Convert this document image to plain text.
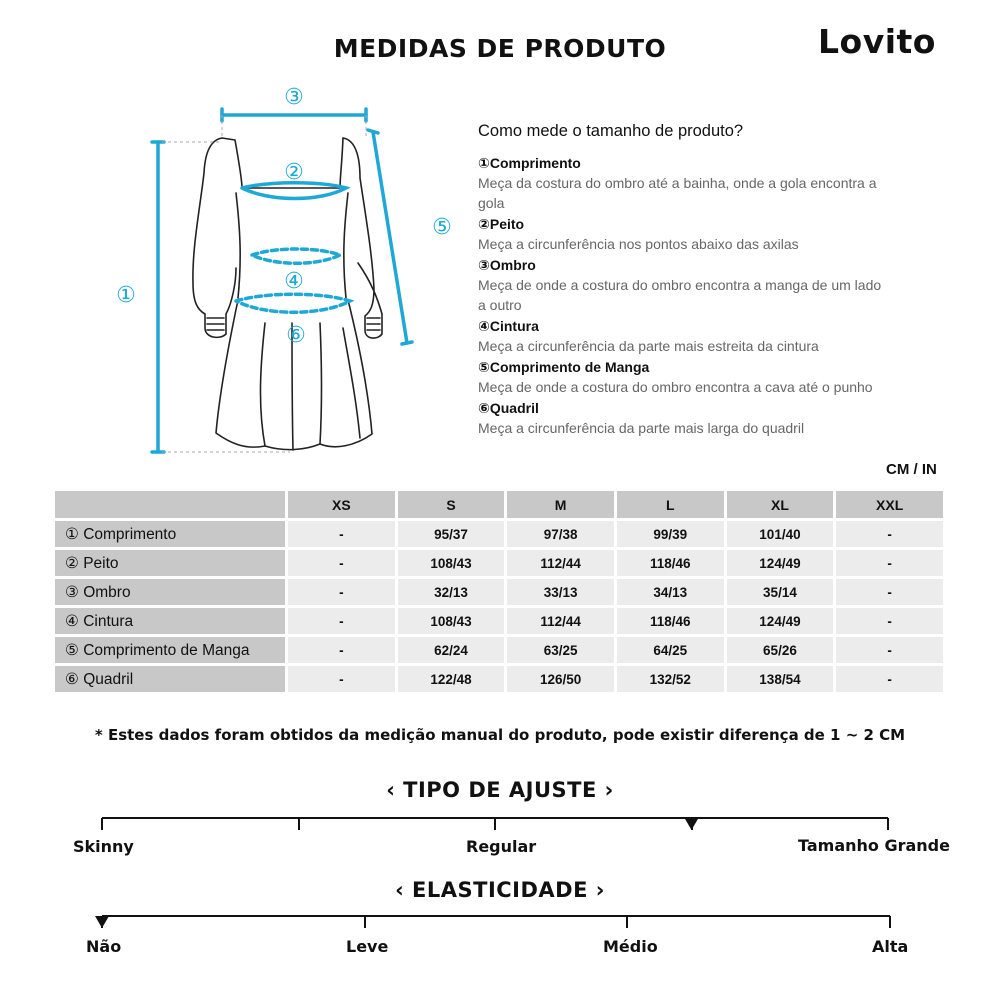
MEDIDAS DE PRODUTO	Lovito
①
②
③
④
⑤
⑥
Como mede o tamanho de produto?
①Comprimento
Meça da costura do ombro até a bainha, onde a gola encontra a
gola
②Peito
Meça a circunferência nos pontos abaixo das axilas
③Ombro
Meça de onde a costura do ombro encontra a manga de um lado
a outro
④Cintura
Meça a circunferência da parte mais estreita da cintura
⑤Comprimento de Manga
Meça de onde a costura do ombro encontra a cava até o punho
⑥Quadril
Meça a circunferência da parte mais larga do quadril
CM / IN
	XS	S	M	L	XL	XXL
① Comprimento	-	95/37	97/38	99/39	101/40	-
② Peito	-	108/43	112/44	118/46	124/49	-
③ Ombro	-	32/13	33/13	34/13	35/14	-
④ Cintura	-	108/43	112/44	118/46	124/49	-
⑤ Comprimento de Manga	-	62/24	63/25	64/25	65/26	-
⑥ Quadril	-	122/48	126/50	132/52	138/54	-
* Estes dados foram obtidos da medição manual do produto, pode existir diferença de 1 ~ 2 CM
‹ TIPO DE AJUSTE ›
Skinny	Regular	Tamanho Grande
‹ ELASTICIDADE ›
Não	Leve	Médio	Alta
